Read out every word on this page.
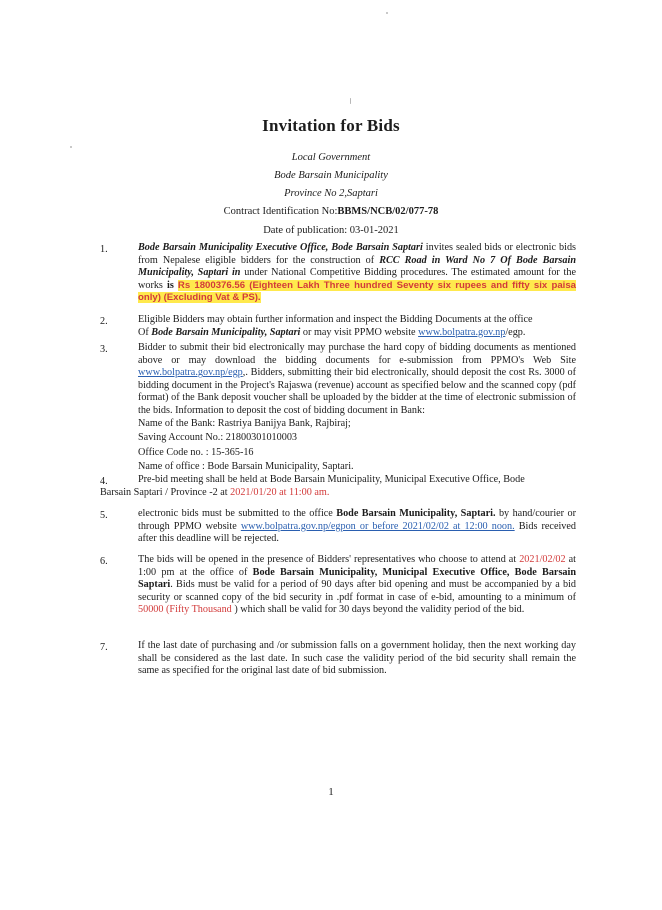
Invitation for Bids
Local Government
Bode Barsain Municipality
Province No 2,Saptari
Contract Identification No:BBMS/NCB/02/077-78
Date of publication: 03-01-2021
1.	Bode Barsain Municipality Executive Office, Bode Barsain Saptari invites sealed bids or electronic bids from Nepalese eligible bidders for the construction of RCC Road in Ward No 7 Of Bode Barsain Municipality, Saptari in under National Competitive Bidding procedures. The estimated amount for the works is Rs 1800376.56 (Eighteen Lakh Three hundred Seventy six rupees and fifty six paisa only) (Excluding Vat & PS).
2.	Eligible Bidders may obtain further information and inspect the Bidding Documents at the office
Of Bode Barsain Municipality, Saptari or may visit PPMO website www.bolpatra.gov.np/egp.
3.	Bidder to submit their bid electronically may purchase the hard copy of bidding documents as mentioned above or may download the bidding documents for e-submission from PPMO's Web Site www.bolpatra.gov.np/egp,. Bidders, submitting their bid electronically, should deposit the cost Rs. 3000 of bidding document in the Project's Rajaswa (revenue) account as specified below and the scanned copy (pdf format) of the Bank deposit voucher shall be uploaded by the bidder at the time of electronic submission of the bids. Information to deposit the cost of bidding document in Bank:
Name of the Bank: Rastriya Banijya Bank, Rajbiraj;
Saving Account No.: 21800301010003
Office Code no. : 15-365-16
Name of office : Bode Barsain Municipality, Saptari.
4.	Pre-bid meeting shall be held at Bode Barsain Municipality, Municipal Executive Office, Bode
Barsain Saptari / Province -2 at 2021/01/20 at 11:00 am.
5.	electronic bids must be submitted to the office Bode Barsain Municipality, Saptari. by hand/courier or through PPMO website www.bolpatra.gov.np/egpon or before 2021/02/02 at 12:00 noon. Bids received after this deadline will be rejected.
6.	The bids will be opened in the presence of Bidders' representatives who choose to attend at 2021/02/02 at 1:00 pm at the office of Bode Barsain Municipality, Municipal Executive Office, Bode Barsain Saptari. Bids must be valid for a period of 90 days after bid opening and must be accompanied by a bid security or scanned copy of the bid security in .pdf format in case of e-bid, amounting to a minimum of 50000 (Fifty Thousand ) which shall be valid for 30 days beyond the validity period of the bid.
7.	If the last date of purchasing and /or submission falls on a government holiday, then the next working day shall be considered as the last date. In such case the validity period of the bid security shall remain the same as specified for the original last date of bid submission.
1
